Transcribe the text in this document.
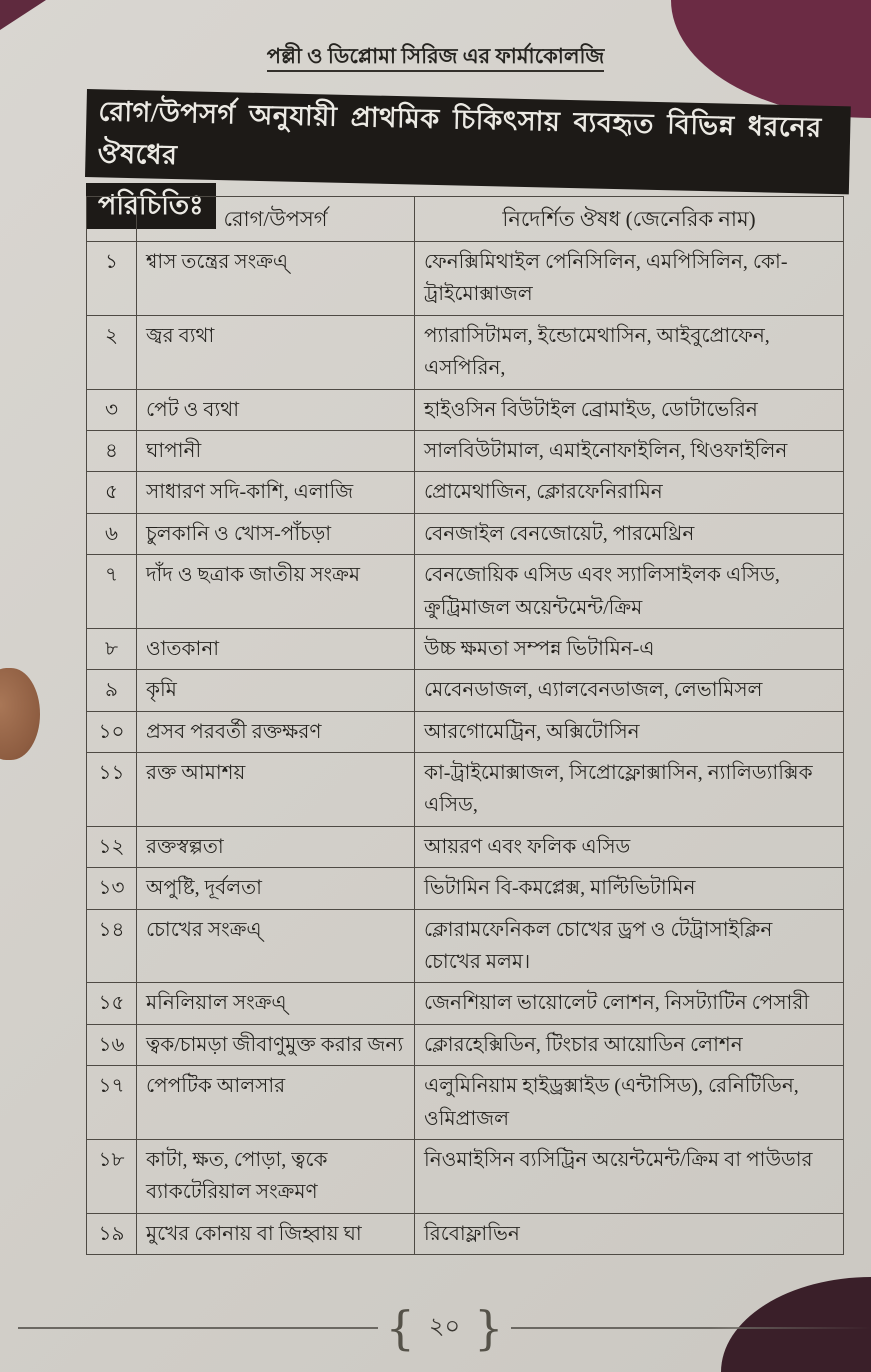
পল্লী ও ডিপ্লোমা সিরিজ এর ফার্মাকোলজি
রোগ/উপসর্গ অনুযায়ী প্রাথমিক চিকিৎসায় ব্যবহৃত বিভিন্ন ধরনের ঔষধের পরিচিতিঃ
	রোগ/উপসর্গ	নিদের্শিত ঔষধ (জেনেরিক নাম)
১	শ্বাস তন্ত্রের সংক্রএ্	ফেনক্সিমিথাইল পেনিসিলিন, এমপিসিলিন, কো-ট্রাইমোক্সাজল
২	জ্বর ব্যথা	প্যারাসিটামল, ইন্ডোমেথাসিন, আইবুপ্রোফেন, এসপিরিন,
৩	পেট ও ব্যথা	হাইওসিন বিউটাইল ব্রোমাইড, ডোটাভেরিন
৪	ঘাপানী	সালবিউটামাল, এমাইনোফাইলিন, থিওফাইলিন
৫	সাধারণ সদি-কাশি, এলাজি	প্রোমেথাজিন, ক্লোরফেনিরামিন
৬	চুলকানি ও খোস-পাঁচড়া	বেনজাইল বেনজোয়েট, পারমেথ্রিন
৭	দাঁদ ও ছত্রাক জাতীয় সংক্রম	বেনজোয়িক এসিড এবং স্যালিসাইলক এসিড, ক্রুট্রিমাজল অয়েন্টমেন্ট/ক্রিম
৮	ওাতকানা	উচ্চ ক্ষমতা সম্পন্ন ভিটামিন-এ
৯	কৃমি	মেবেনডাজল, এ্যালবেনডাজল, লেভামিসল
১০	প্রসব পরবর্তী রক্তক্ষরণ	আরগোমেট্রিন, অক্সিটোসিন
১১	রক্ত আমাশয়	কা-ট্রাইমোক্সাজল, সিপ্রোফ্লোক্সাসিন, ন্যালিড্যাক্সিক এসিড,
১২	রক্তস্বল্পতা	আয়রণ এবং ফলিক এসিড
১৩	অপুষ্টি, দূর্বলতা	ভিটামিন বি-কমপ্লেক্স, মাল্টিভিটামিন
১৪	চোখের সংক্রএ্	ক্লোরামফেনিকল চোখের ড্রপ ও টেট্রাসাইক্লিন চোখের মলম।
১৫	মনিলিয়াল সংক্রএ্	জেনশিয়াল ভায়োলেট লোশন, নিসট্যাটিন পেসারী
১৬	ত্বক/চামড়া জীবাণুমুক্ত করার জন্য	ক্লোরহেক্সিডিন, টিংচার আয়োডিন লোশন
১৭	পেপটিক আলসার	এলুমিনিয়াম হাইড্রক্সাইড (এন্টাসিড), রেনিটিডিন, ওমিপ্রাজল
১৮	কাটা, ক্ষত, পোড়া, ত্বকে ব্যাকটেরিয়াল সংক্রমণ	নিওমাইসিন ব্যসিট্রিন অয়েন্টমেন্ট/ক্রিম বা পাউডার
১৯	মুখের কোনায় বা জিহ্বায় ঘা	রিবোফ্লাভিন
{ ২০ }
